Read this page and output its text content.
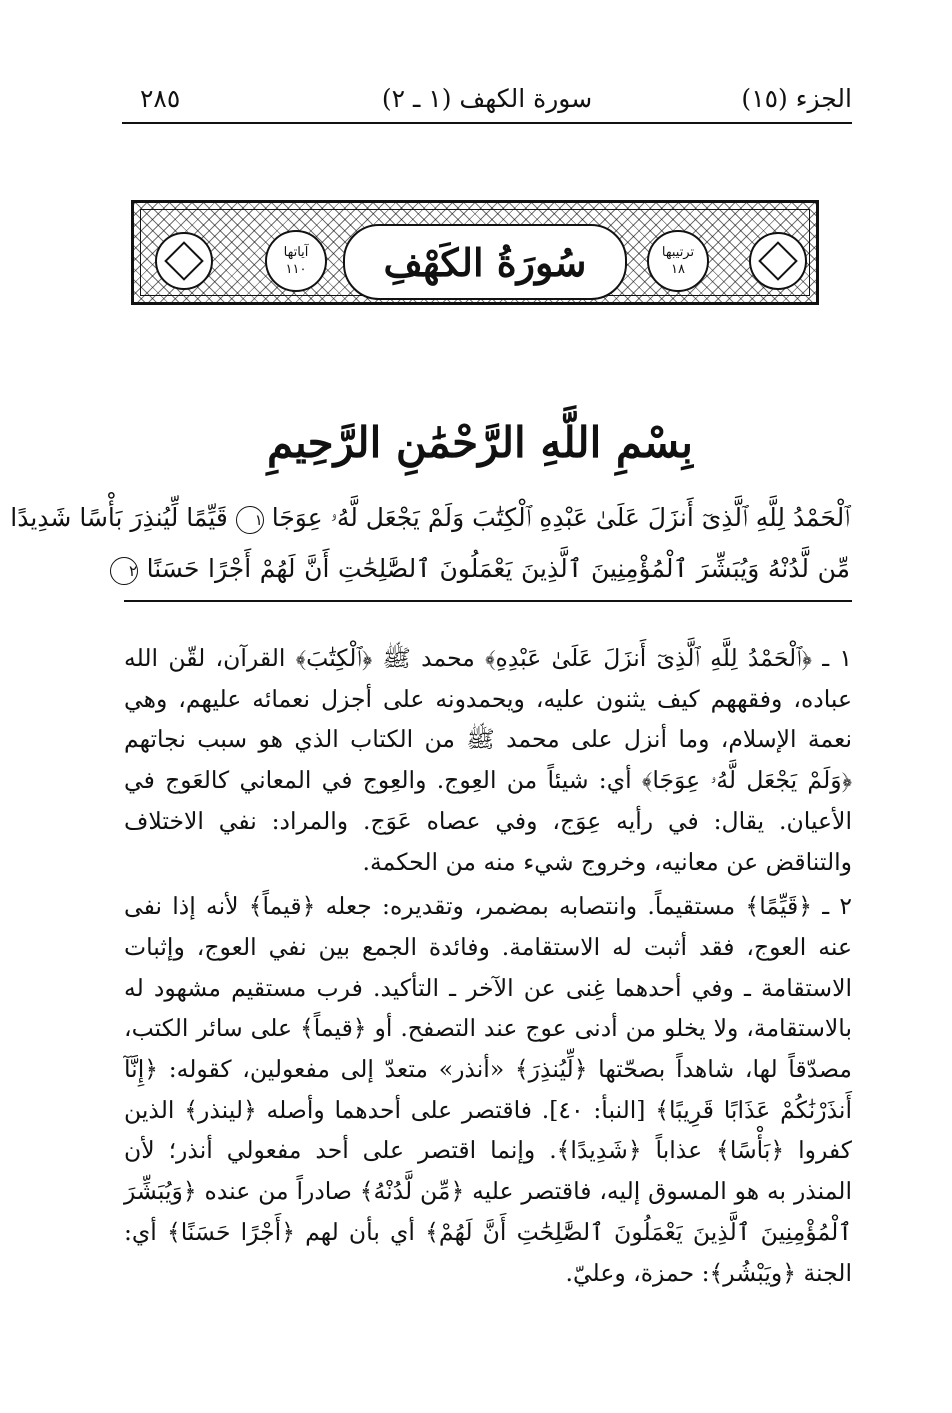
الجزء (١٥)
سورة الكهف (١ ـ ٢)
٢٨٥
آياتها
١١٠ سُورَةُ الكَهْفِ	ترتيبها
١٨
بِسْمِ اللَّهِ الرَّحْمَٰنِ الرَّحِيمِ

ٱلْحَمْدُ لِلَّهِ ٱلَّذِىٓ أَنزَلَ عَلَىٰ عَبْدِهِ ٱلْكِتَٰبَ وَلَمْ يَجْعَل لَّهُۥ عِوَجَا ١ قَيِّمًا لِّيُنذِرَ بَأْسًا شَدِيدًا

مِّن لَّدُنْهُ وَيُبَشِّرَ ٱلْمُؤْمِنِينَ ٱلَّذِينَ يَعْمَلُونَ ٱلصَّٰلِحَٰتِ أَنَّ لَهُمْ أَجْرًا حَسَنًا ٢

١ ـ ﴿ٱلْحَمْدُ لِلَّهِ ٱلَّذِىٓ أَنزَلَ عَلَىٰ عَبْدِهِ﴾ محمد ﷺ ﴿ٱلْكِتَٰبَ﴾ القرآن، لقّن الله عباده، وفقههم كيف يثنون عليه، ويحمدونه على أجزل نعمائه عليهم، وهي نعمة الإسلام، وما أنزل على محمد ﷺ من الكتاب الذي هو سبب نجاتهم ﴿وَلَمْ يَجْعَل لَّهُۥ عِوَجَا﴾ أي: شيئاً من العِوج. والعِوج في المعاني كالعَوج في الأعيان. يقال: في رأيه عِوَج، وفي عصاه عَوَج. والمراد: نفي الاختلاف والتناقض عن معانيه، وخروج شيء منه من الحكمة.

٢ ـ ﴿قَيِّمًا﴾ مستقيماً. وانتصابه بمضمر، وتقديره: جعله ﴿قيماً﴾ لأنه إذا نفى عنه العوج، فقد أثبت له الاستقامة. وفائدة الجمع بين نفي العوج، وإثبات الاستقامة ـ وفي أحدهما غِنى عن الآخر ـ التأكيد. فرب مستقيم مشهود له بالاستقامة، ولا يخلو من أدنى عوج عند التصفح. أو ﴿قيماً﴾ على سائر الكتب، مصدّقاً لها، شاهداً بصحّتها ﴿لِّيُنذِرَ﴾ «أنذر» متعدّ إلى مفعولين، كقوله: ﴿إِنَّآ أَنذَرْنَٰكُمْ عَذَابًا قَرِيبًا﴾ [النبأ: ٤٠]. فاقتصر على أحدهما وأصله ﴿لينذر﴾ الذين كفروا ﴿بَأْسًا﴾ عذاباً ﴿شَدِيدًا﴾. وإنما اقتصر على أحد مفعولي أنذر؛ لأن المنذر به هو المسوق إليه، فاقتصر عليه ﴿مِّن لَّدُنْهُ﴾ صادراً من عنده ﴿وَيُبَشِّرَ ٱلْمُؤْمِنِينَ ٱلَّذِينَ يَعْمَلُونَ ٱلصَّٰلِحَٰتِ أَنَّ لَهُمْ﴾ أي بأن لهم ﴿أَجْرًا حَسَنًا﴾ أي: الجنة ﴿ويَبْشُر﴾: حمزة، وعليّ.
